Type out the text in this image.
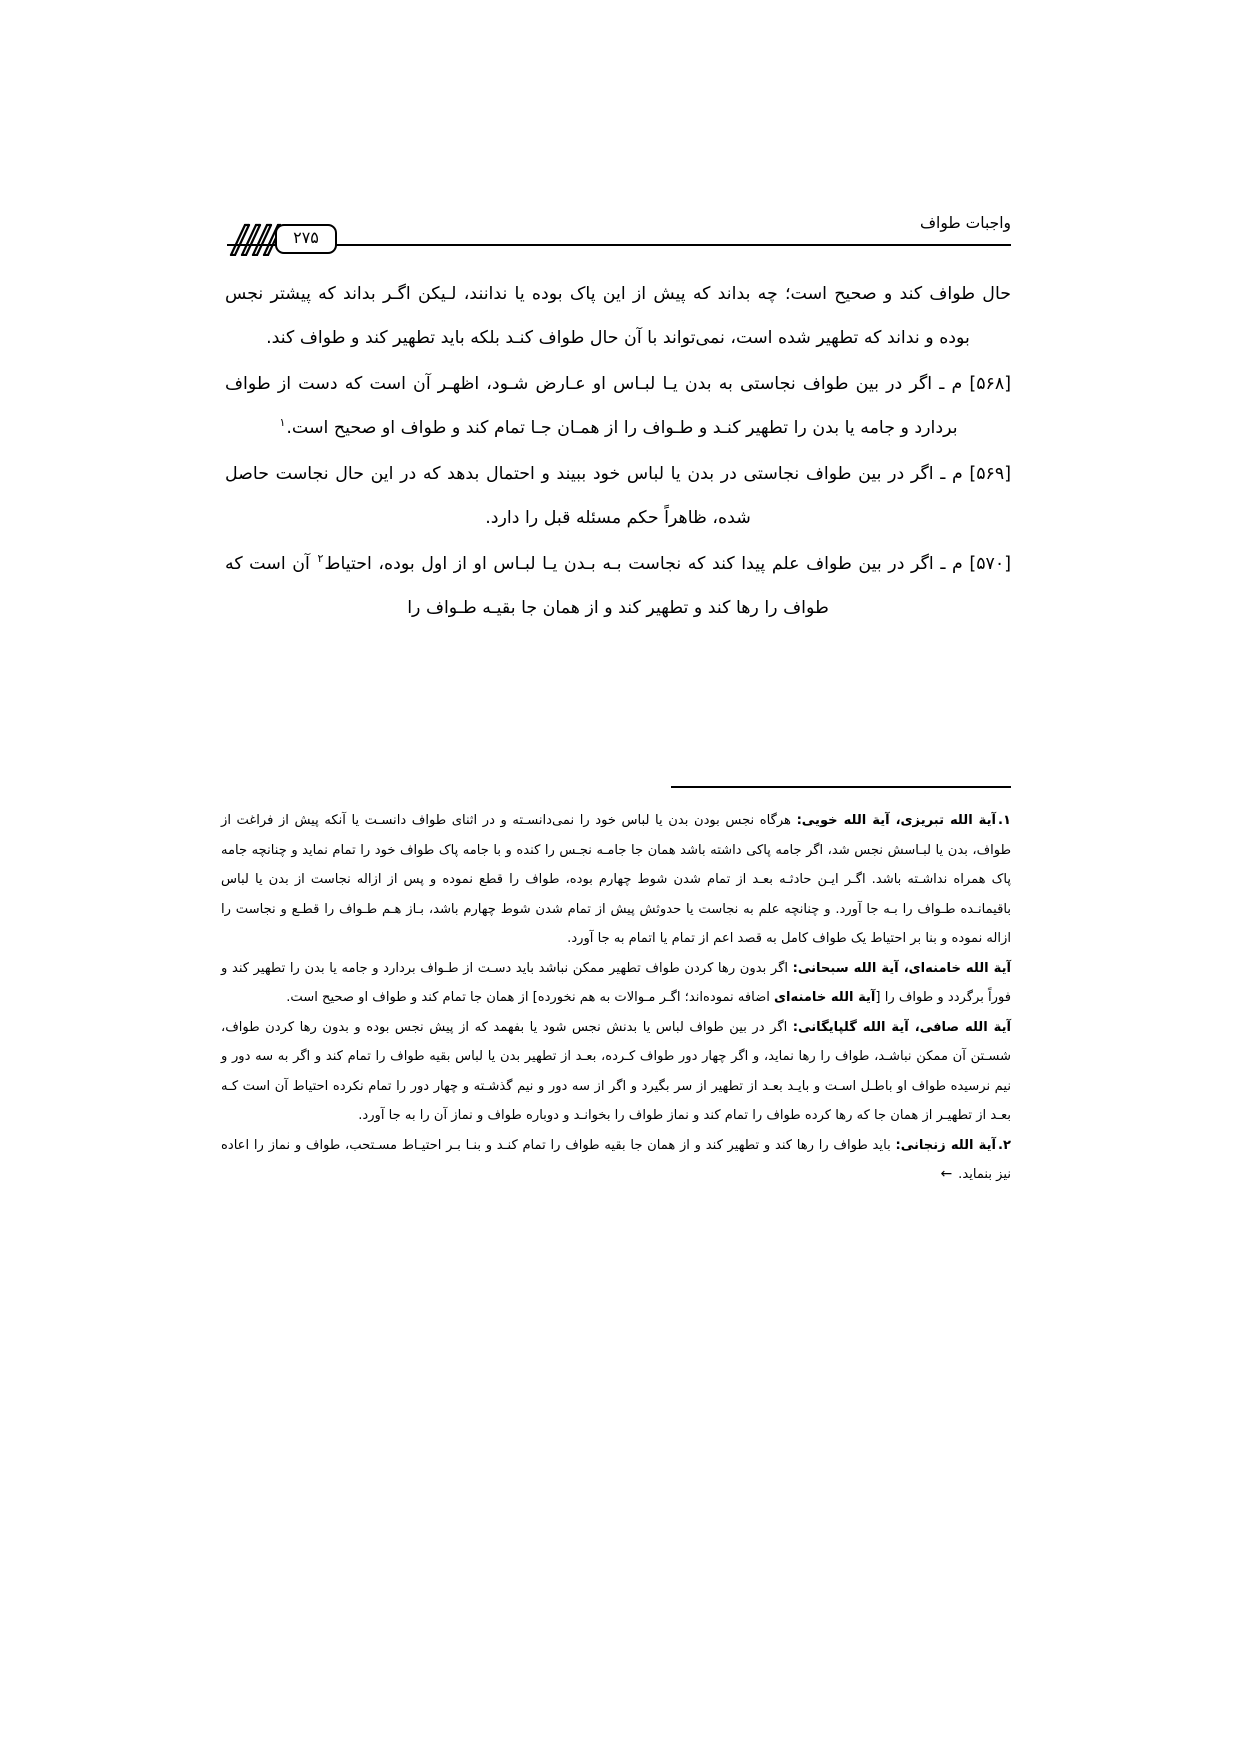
واجبات طواف
۲۷۵

حال طواف کند و صحیح است؛ چه بداند که پیش از این پاک بوده یا ندانند، لـیکن اگـر بداند که پیشتر نجس بوده و نداند که تطهیر شده است، نمی‌تواند با آن حال طواف کنـد بلکه باید تطهیر کند و طواف کند.

[۵۶۸] م ـ اگر در بین طواف نجاستی به بدن یـا لبـاس او عـارض شـود، اظهـر آن است که دست از طواف بردارد و جامه یا بدن را تطهیر کنـد و طـواف را از همـان جـا تمام کند و طواف او صحیح است.$^۱$

[۵۶۹] م ـ اگر در بین طواف نجاستی در بدن یا لباس خود ببیند و احتمال بدهد که در این حال نجاست حاصل شده، ظاهراً حکم مسئله قبل را دارد.

[۵۷۰] م ـ اگر در بین طواف علم پیدا کند که نجاست بـه بـدن یـا لبـاس او از اول بوده، احتیاط$^۲$ آن است که طواف را رها کند و تطهیر کند و از همان جا بقیـه طـواف را

۱.آیة الله تبریزی، آیة الله خویی: هرگاه نجس بودن بدن یا لباس خود را نمی‌دانسـته و در اثنای طواف دانسـت یا آنکه پیش از فراغت از طواف، بدن یا لبـاسش نجس شد، اگر جامه پاکی داشته باشد همان جا جامـه نجـس را کنده و با جامه پاک طواف خود را تمام نماید و چنانچه جامه پاک همراه نداشـته باشد. اگـر ایـن حادثـه بعـد از تمام شدن شوط چهارم بوده، طواف را قطع نموده و پس از ازاله نجاست از بدن یا لباس باقیمانـده طـواف را بـه جا آورد. و چنانچه علم به نجاست یا حدوثش پیش از تمام شدن شوط چهارم باشد، بـاز هـم طـواف را قطـع و نجاست را ازاله نموده و بنا بر احتیاط یک طواف کامل به قصد اعم از تمام یا اتمام به جا آورد.
آیة الله خامنه‌ای، آیة الله سبحانی: اگر بدون رها کردن طواف تطهیر ممکن نباشد باید دسـت از طـواف بردارد و جامه یا بدن را تطهیر کند و فوراً برگردد و طواف را [آیة الله خامنه‌ای اضافه نموده‌اند؛ اگـر مـوالات به هم نخورده] از همان جا تمام کند و طواف او صحیح است.
آیة الله صافی، آیة الله گلپایگانی: اگر در بین طواف لباس یا بدنش نجس شود یا بفهمد که از پیش نجس بوده و بدون رها کردن طواف، شسـتن آن ممکن نباشـد، طواف را رها نماید، و اگر چهار دور طواف کـرده، بعـد از تطهیر بدن یا لباس بقیه طواف را تمام کند و اگر به سه دور و نیم نرسیده طواف او باطـل اسـت و بایـد بعـد از تطهیر از سر بگیرد و اگر از سه دور و نیم گذشـته و چهار دور را تمام نکرده احتیاط آن است کـه بعـد از تطهیـر از همان جا که رها کرده طواف را تمام کند و نماز طواف را بخوانـد و دوباره طواف و نماز آن را به جا آورد.
۲.آیة الله زنجانی: باید طواف را رها کند و تطهیر کند و از همان جا بقیه طواف را تمام کنـد و بنـا بـر احتیـاط مسـتحب، طواف و نماز را اعاده نیز بنماید.←
